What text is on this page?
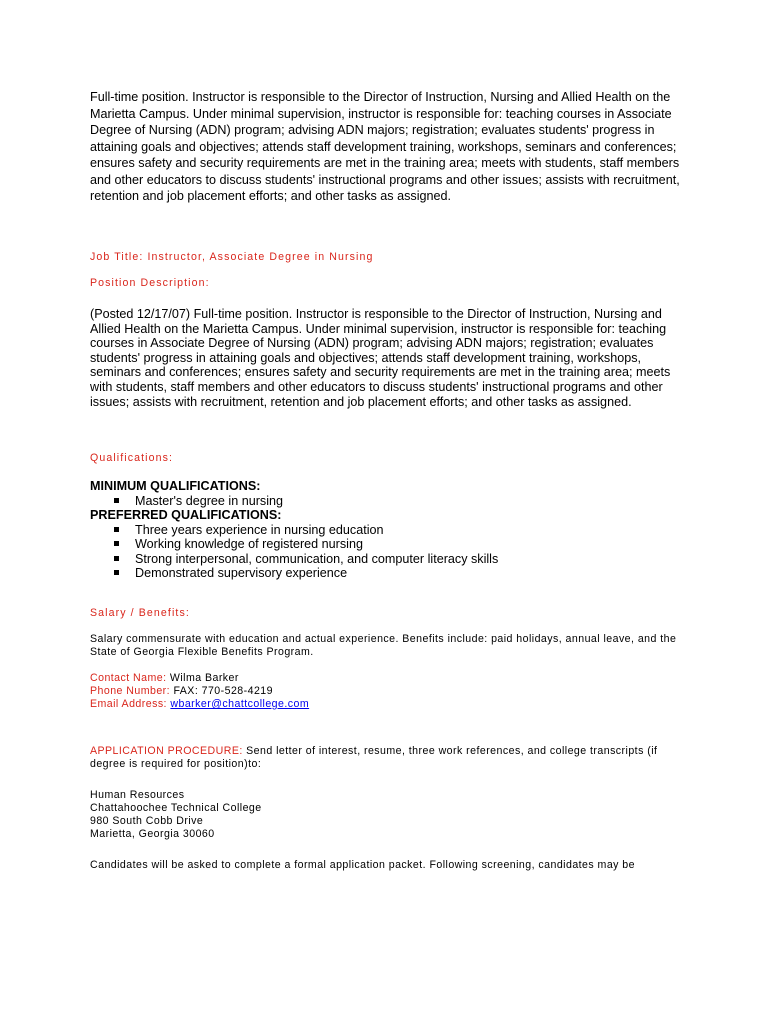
Full-time position. Instructor is responsible to the Director of Instruction, Nursing and Allied Health on the Marietta Campus. Under minimal supervision, instructor is responsible for: teaching courses in Associate Degree of Nursing (ADN) program; advising ADN majors; registration; evaluates students' progress in attaining goals and objectives; attends staff development training, workshops, seminars and conferences; ensures safety and security requirements are met in the training area; meets with students, staff members and other educators to discuss students' instructional programs and other issues; assists with recruitment, retention and job placement efforts; and other tasks as assigned.

Job Title: Instructor, Associate Degree in Nursing

Position Description:

(Posted 12/17/07) Full-time position. Instructor is responsible to the Director of Instruction, Nursing and Allied Health on the Marietta Campus. Under minimal supervision, instructor is responsible for: teaching courses in Associate Degree of Nursing (ADN) program; advising ADN majors; registration; evaluates students' progress in attaining goals and objectives; attends staff development training, workshops, seminars and conferences; ensures safety and security requirements are met in the training area; meets with students, staff members and other educators to discuss students' instructional programs and other issues; assists with recruitment, retention and job placement efforts; and other tasks as assigned.

Qualifications:

MINIMUM QUALIFICATIONS:

Master's degree in nursing

PREFERRED QUALIFICATIONS:

Three years experience in nursing education
Working knowledge of registered nursing
Strong interpersonal, communication, and computer literacy skills
Demonstrated supervisory experience

Salary / Benefits:

Salary commensurate with education and actual experience. Benefits include: paid holidays, annual leave, and the State of Georgia Flexible Benefits Program.

Contact Name: Wilma Barker
Phone Number: FAX: 770-528-4219
Email Address: wbarker@chattcollege.com

APPLICATION PROCEDURE: Send letter of interest, resume, three work references, and college transcripts (if degree is required for position)to:

Human Resources
Chattahoochee Technical College
980 South Cobb Drive
Marietta, Georgia 30060

Candidates will be asked to complete a formal application packet. Following screening, candidates may be
